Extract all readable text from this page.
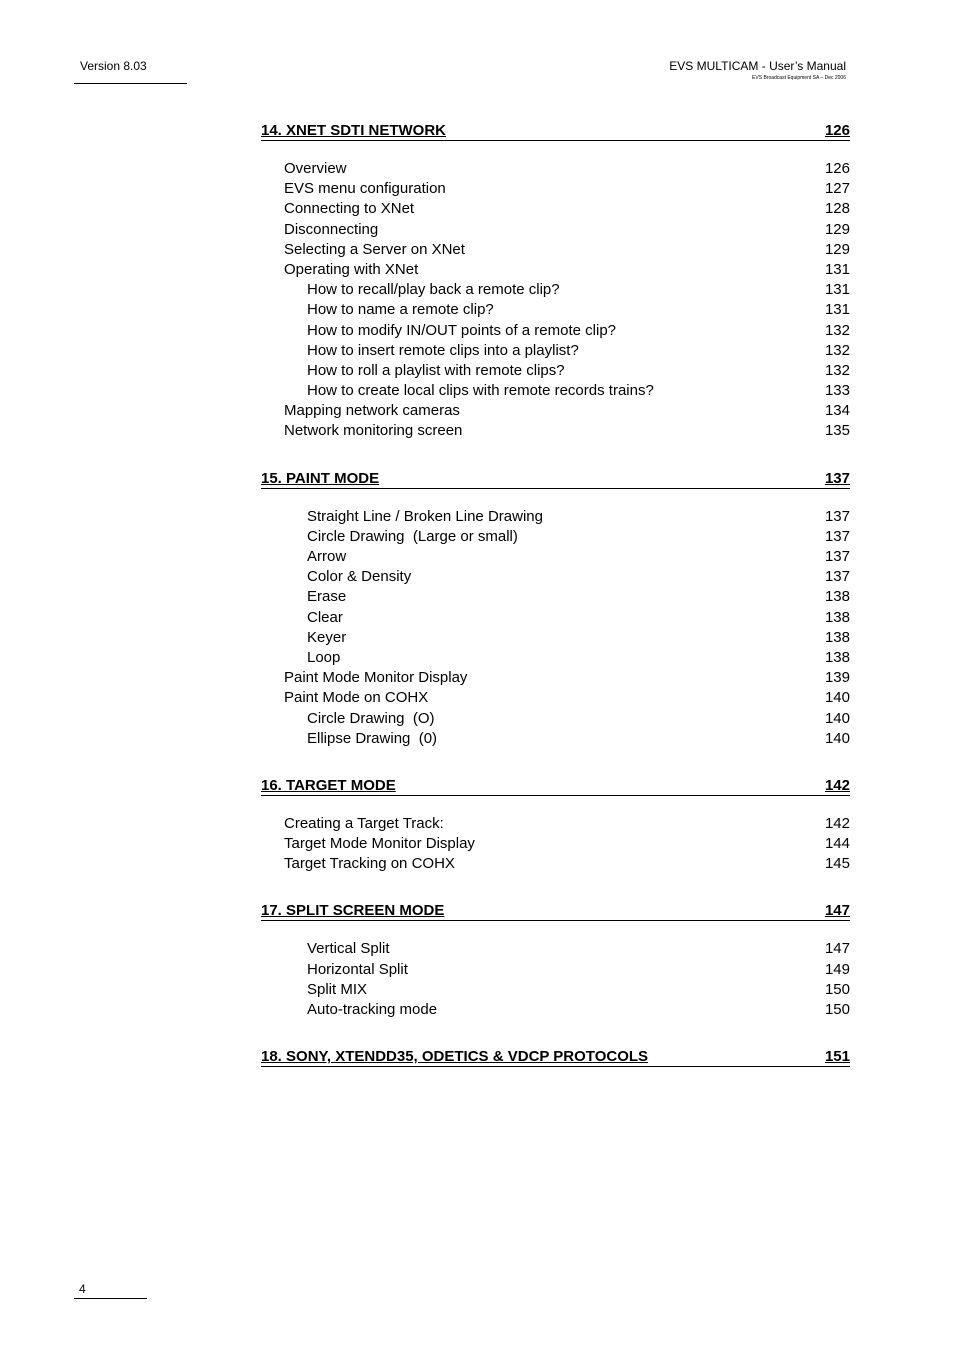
Version 8.03	EVS MULTICAM - User’s Manual
EVS Broadcast Equipment SA – Dec 2006
14. XNET SDTI NETWORK	126
Overview	126
EVS menu configuration	127
Connecting to XNet	128
Disconnecting	129
Selecting a Server on XNet	129
Operating with XNet	131
How to recall/play back a remote clip?	131
How to name a remote clip?	131
How to modify IN/OUT points of a remote clip?	132
How to insert remote clips into a playlist?	132
How to roll a playlist with remote clips?	132
How to create local clips with remote records trains?	133
Mapping network cameras	134
Network monitoring screen	135
15. PAINT MODE	137
Straight Line / Broken Line Drawing	137
Circle Drawing  (Large or small)	137
Arrow	137
Color & Density	137
Erase	138
Clear	138
Keyer	138
Loop	138
Paint Mode Monitor Display	139
Paint Mode on COHX	140
Circle Drawing  (O)	140
Ellipse Drawing  (0)	140
16. TARGET MODE	142
Creating a Target Track:	142
Target Mode Monitor Display	144
Target Tracking on COHX	145
17. SPLIT SCREEN MODE	147
Vertical Split	147
Horizontal Split	149
Split MIX	150
Auto-tracking mode	150
18. SONY, XTENDD35, ODETICS & VDCP PROTOCOLS	151
4
